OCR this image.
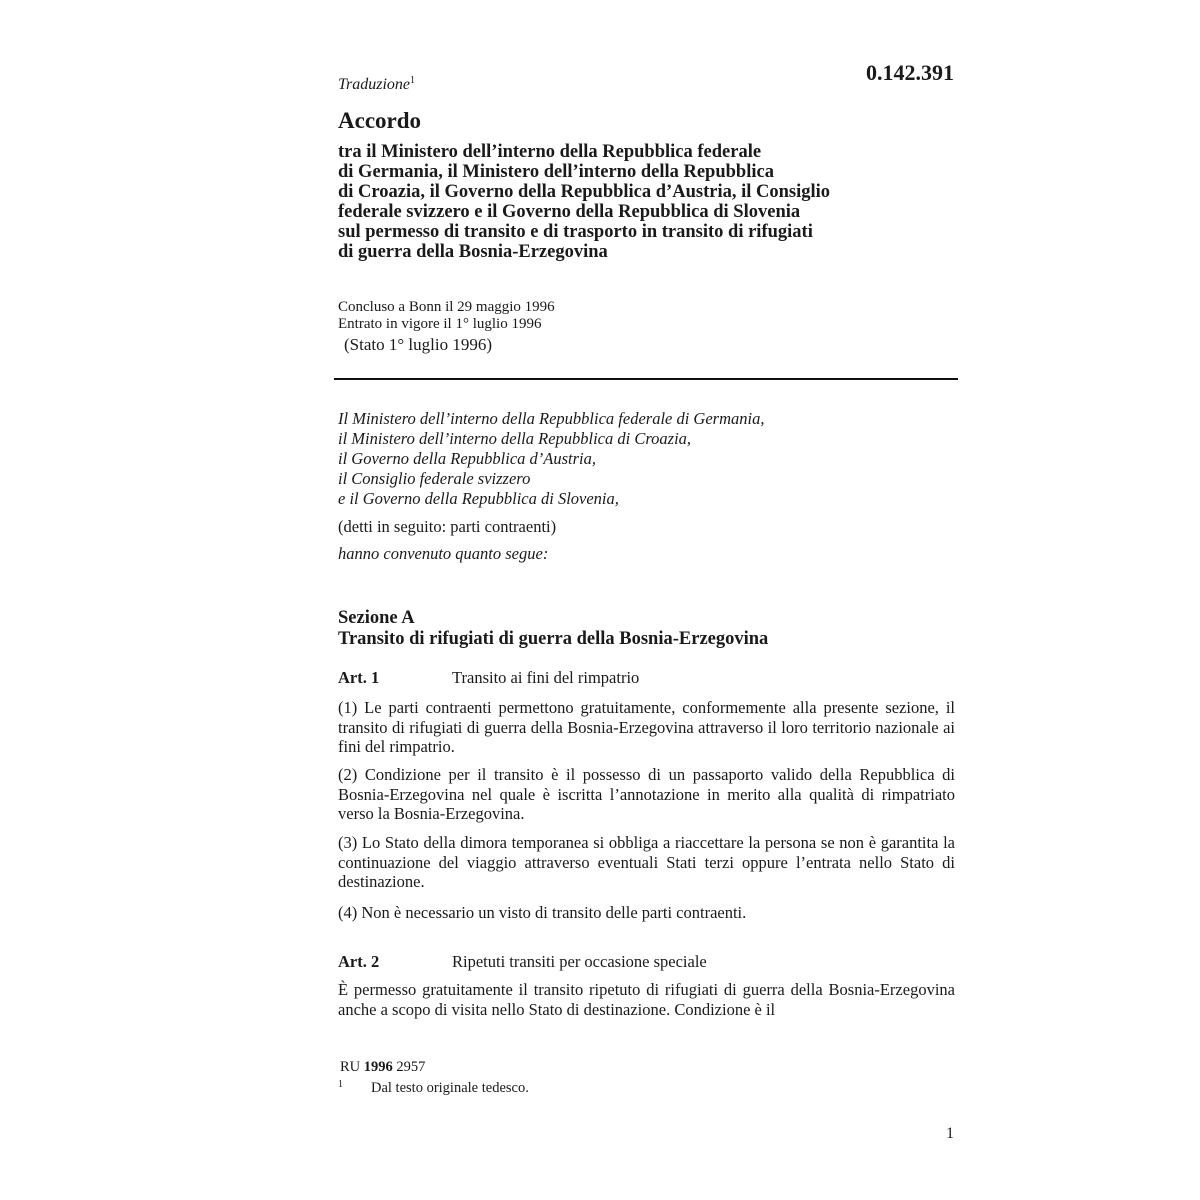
0.142.391
Traduzione$^1$
Accordo
tra il Ministero dell’interno della Repubblica federale
di Germania, il Ministero dell’interno della Repubblica
di Croazia, il Governo della Repubblica d’Austria, il Consiglio
federale svizzero e il Governo della Repubblica di Slovenia
sul permesso di transito e di trasporto in transito di rifugiati
di guerra della Bosnia-Erzegovina
Concluso a Bonn il 29 maggio 1996
Entrato in vigore il 1° luglio 1996
(Stato 1° luglio 1996)
Il Ministero dell’interno della Repubblica federale di Germania,
il Ministero dell’interno della Repubblica di Croazia,
il Governo della Repubblica d’Austria,
il Consiglio federale svizzero
e il Governo della Repubblica di Slovenia,
(detti in seguito: parti contraenti)
hanno convenuto quanto segue:
Sezione A
Transito di rifugiati di guerra della Bosnia-Erzegovina
Art. 1	Transito ai fini del rimpatrio
(1) Le parti contraenti permettono gratuitamente, conformemente alla presente sezione, il transito di rifugiati di guerra della Bosnia-Erzegovina attraverso il loro territorio nazionale ai fini del rimpatrio.
(2) Condizione per il transito è il possesso di un passaporto valido della Repubblica di Bosnia-Erzegovina nel quale è iscritta l’annotazione in merito alla qualità di rimpatriato verso la Bosnia-Erzegovina.
(3) Lo Stato della dimora temporanea si obbliga a riaccettare la persona se non è garantita la continuazione del viaggio attraverso eventuali Stati terzi oppure l’entrata nello Stato di destinazione.
(4) Non è necessario un visto di transito delle parti contraenti.
Art. 2	Ripetuti transiti per occasione speciale
È permesso gratuitamente il transito ripetuto di rifugiati di guerra della Bosnia-Erzegovina anche a scopo di visita nello Stato di destinazione. Condizione è il
RU 1996 2957
1 Dal testo originale tedesco.
1
